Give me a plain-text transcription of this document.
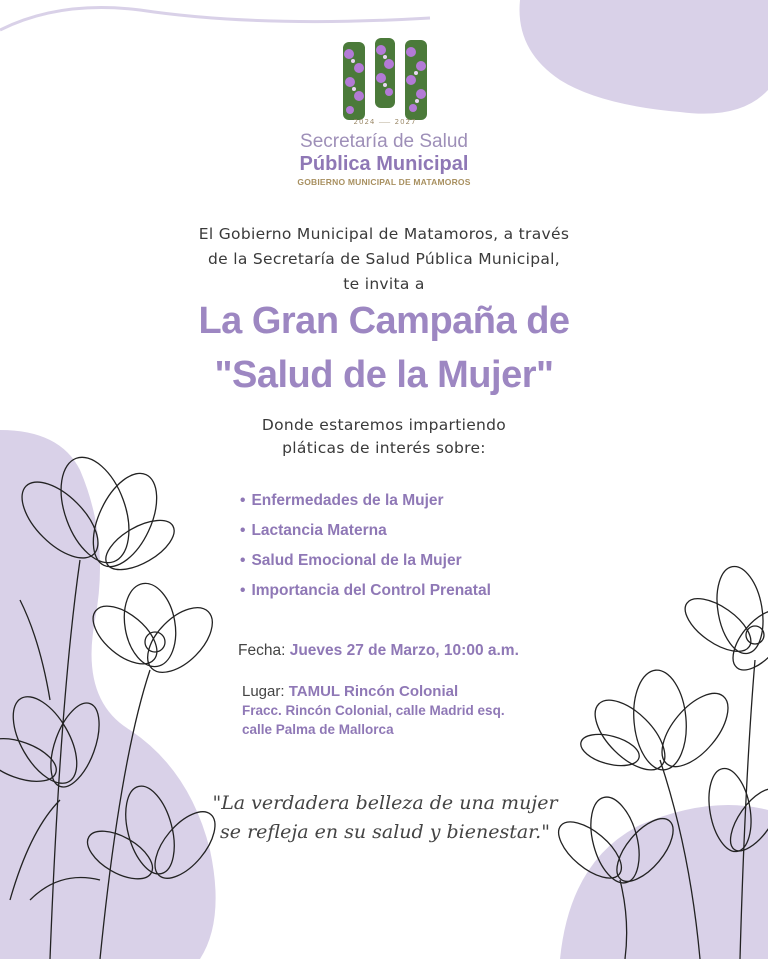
2024 ⸺ 2027
Secretaría de Salud
Pública Municipal
GOBIERNO MUNICIPAL DE MATAMOROS
El Gobierno Municipal de Matamoros, a través
de la Secretaría de Salud Pública Municipal,
te invita a
La Gran Campaña de
"Salud de la Mujer"
Donde estaremos impartiendo
pláticas de interés sobre:
• Enfermedades de la Mujer
• Lactancia Materna
• Salud Emocional de la Mujer
• Importancia del Control Prenatal
Fecha: Jueves 27 de Marzo, 10:00 a.m.
Lugar: TAMUL Rincón Colonial
Fracc. Rincón Colonial, calle Madrid esq.
calle Palma de Mallorca
"La verdadera belleza de una mujer
se refleja en su salud y bienestar."
